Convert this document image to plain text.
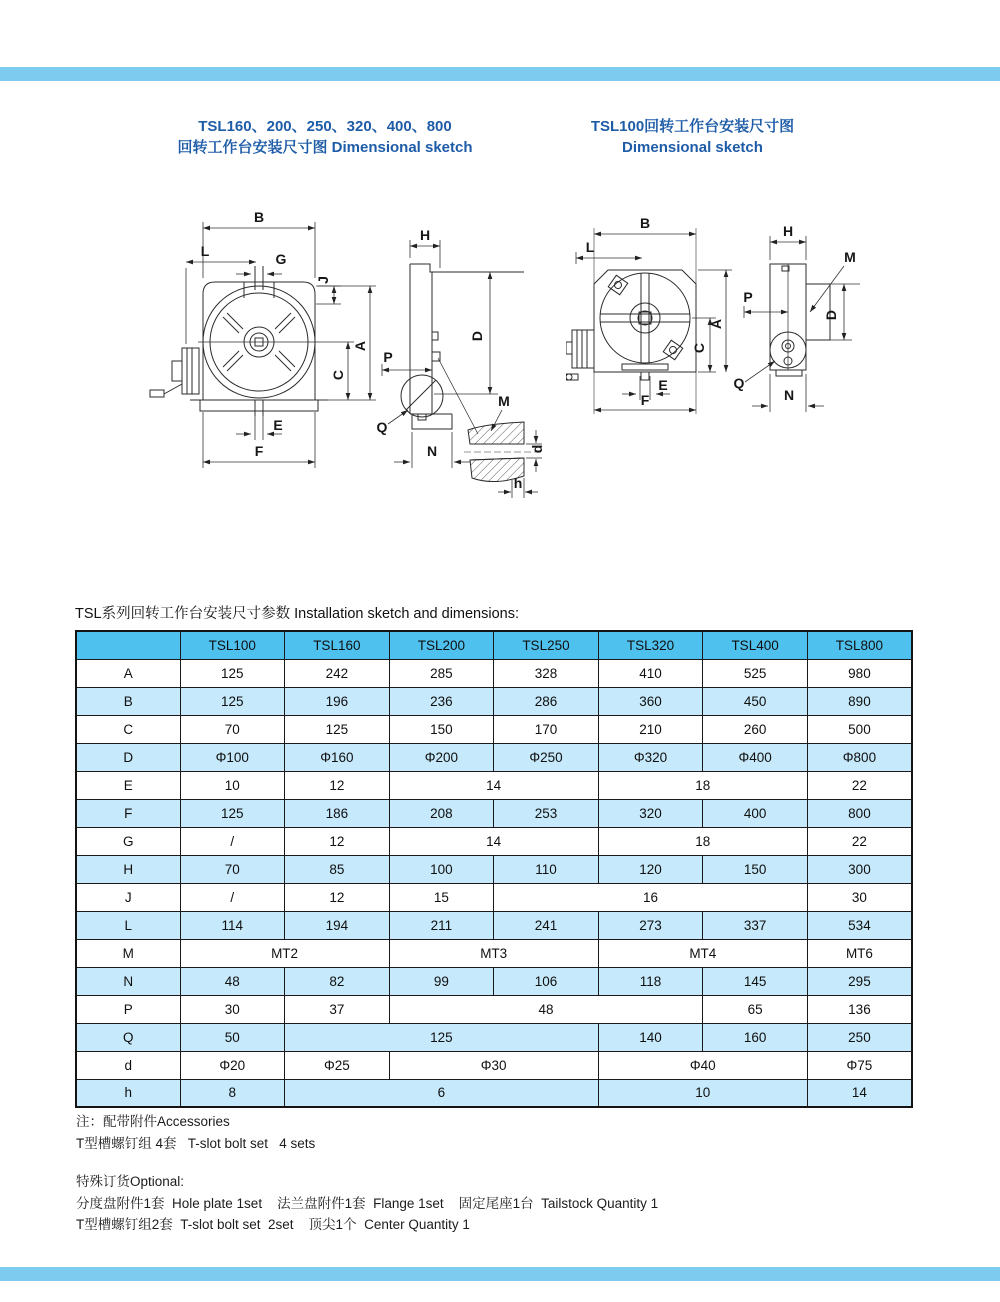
TSL160、200、250、320、400、800
回转工作台安装尺寸图 Dimensional sketch
TSL100回转工作台安装尺寸图
Dimensional sketch
B
L	G
J
A
C
E
F
H
D
P
Q
N
M
d
h
B
L
C
A
E
F
H
M
P
D
Q
N
TSL系列回转工作台安装尺寸参数 Installation sketch and dimensions:
	TSL100	TSL160	TSL200	TSL250	TSL320	TSL400	TSL800
A	125	242	285	328	410	525	980
B	125	196	236	286	360	450	890
C	70	125	150	170	210	260	500
D	Φ100	Φ160	Φ200	Φ250	Φ320	Φ400	Φ800
E	10	12	14		18		22
F	125	186	208	253	320	400	800
G	/	12	14		18		22
H	70	85	100	110	120	150	300
J	/	12	15	16			30
L	114	194	211	241	273	337	534
M	MT2		MT3		MT4		MT6
N	48	82	99	106	118	145	295
P	30	37	48			65	136
Q	50	125			140	160	250
d	Φ20	Φ25	Φ30		Φ40		Φ75
h	8	6			10		14
注：配带附件Accessories
T型槽螺钉组 4套   T-slot bolt set   4 sets
特殊订货Optional:
分度盘附件1套  Hole plate 1set    法兰盘附件1套  Flange 1set    固定尾座1台  Tailstock Quantity 1
T型槽螺钉组2套  T-slot bolt set  2set    顶尖1个  Center Quantity 1
